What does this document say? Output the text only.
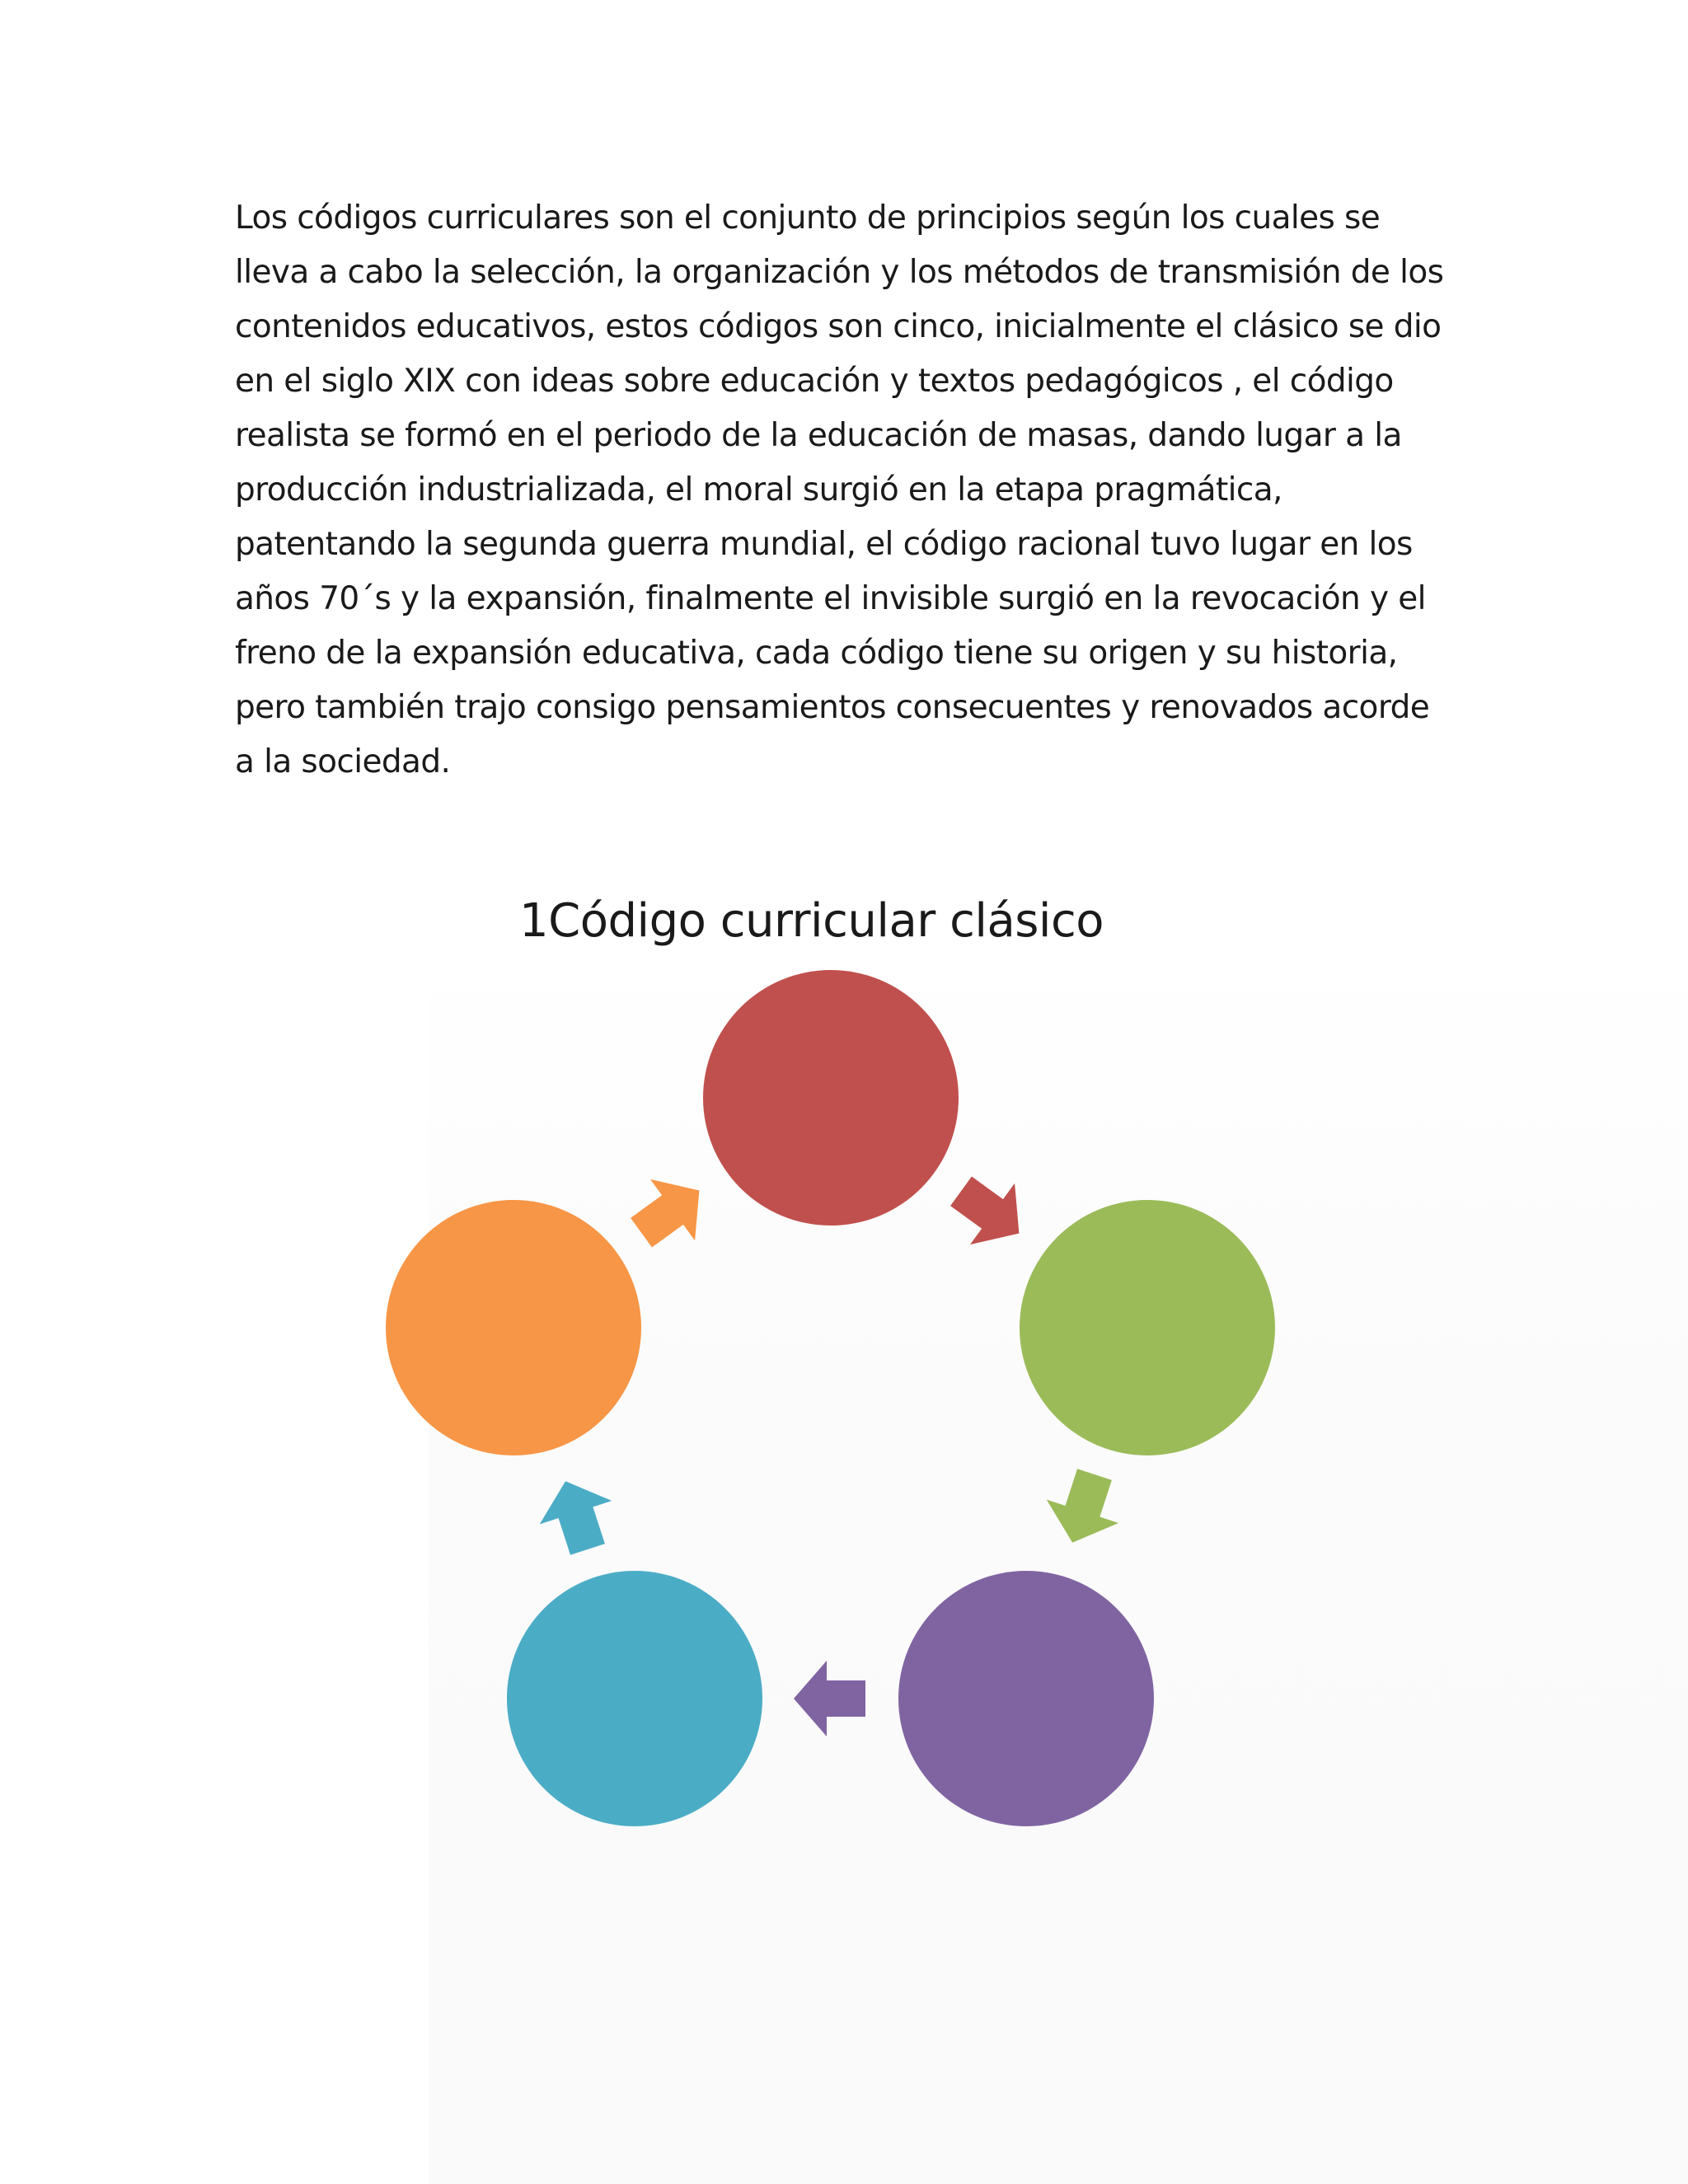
Los códigos curriculares son el conjunto de principios según los cuales se
lleva a cabo la selección, la organización y los métodos de transmisión de los
contenidos educativos, estos códigos son cinco, inicialmente el clásico se dio
en el siglo XIX con ideas sobre educación y textos pedagógicos , el código
realista se formó en el periodo de la educación de masas, dando lugar a la
producción industrializada, el moral surgió en la etapa pragmática,
patentando la segunda guerra mundial, el código racional tuvo lugar en los
años 70´s y la expansión, finalmente el invisible surgió en la revocación y el
freno de la expansión educativa, cada código tiene su origen y su historia,
pero también trajo consigo pensamientos consecuentes y renovados acorde
a la sociedad.

1Código curricular clásico
